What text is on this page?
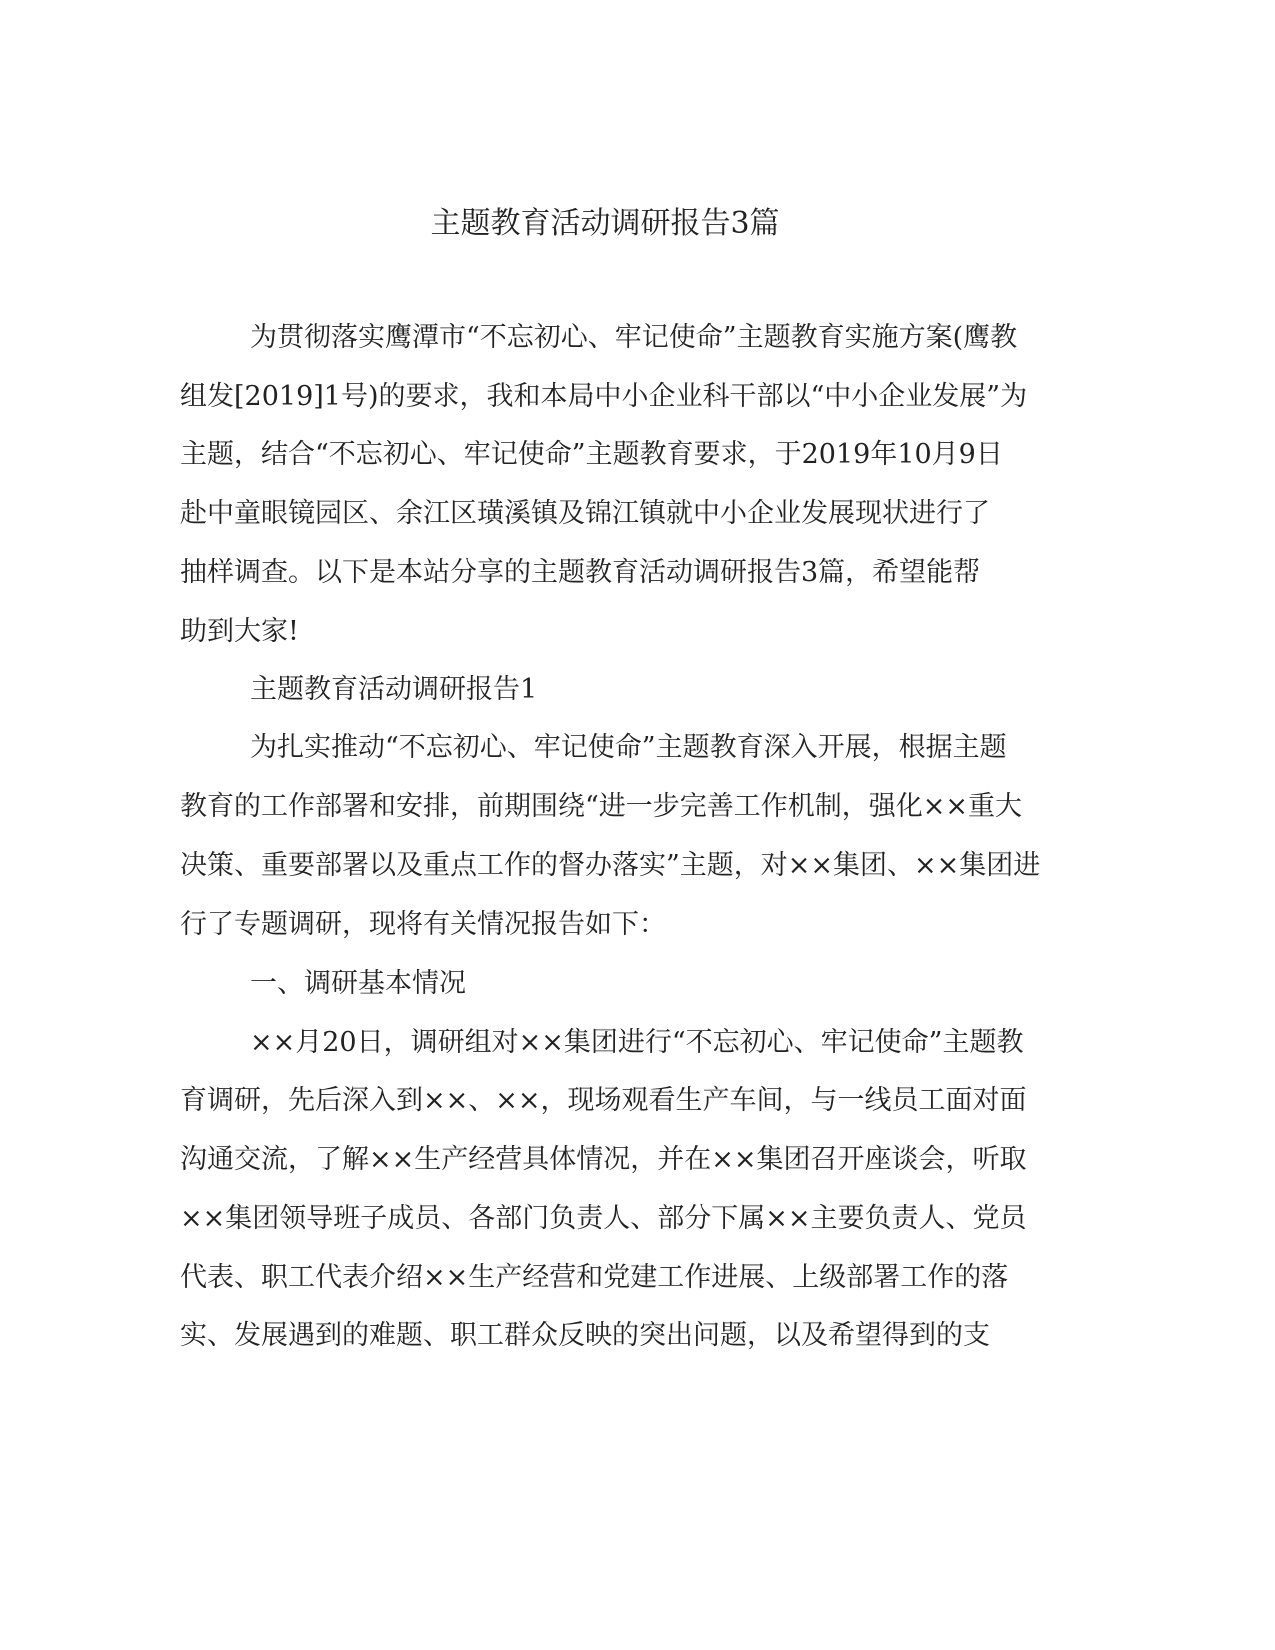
主题教育活动调研报告3篇
为贯彻落实鹰潭市“不忘初心、牢记使命”主题教育实施方案(鹰教
组发[2019]1号)的要求，我和本局中小企业科干部以“中小企业发展”为
主题，结合“不忘初心、牢记使命”主题教育要求，于2019年10月9日
赴中童眼镜园区、余江区璜溪镇及锦江镇就中小企业发展现状进行了
抽样调查。以下是本站分享的主题教育活动调研报告3篇，希望能帮
助到大家!
主题教育活动调研报告1
为扎实推动“不忘初心、牢记使命”主题教育深入开展，根据主题
教育的工作部署和安排，前期围绕“进一步完善工作机制，强化××重大
决策、重要部署以及重点工作的督办落实”主题，对××集团、××集团进
行了专题调研，现将有关情况报告如下：
一、调研基本情况
××月20日，调研组对××集团进行“不忘初心、牢记使命”主题教
育调研，先后深入到××、××，现场观看生产车间，与一线员工面对面
沟通交流，了解××生产经营具体情况，并在××集团召开座谈会，听取
××集团领导班子成员、各部门负责人、部分下属××主要负责人、党员
代表、职工代表介绍××生产经营和党建工作进展、上级部署工作的落
实、发展遇到的难题、职工群众反映的突出问题，以及希望得到的支
